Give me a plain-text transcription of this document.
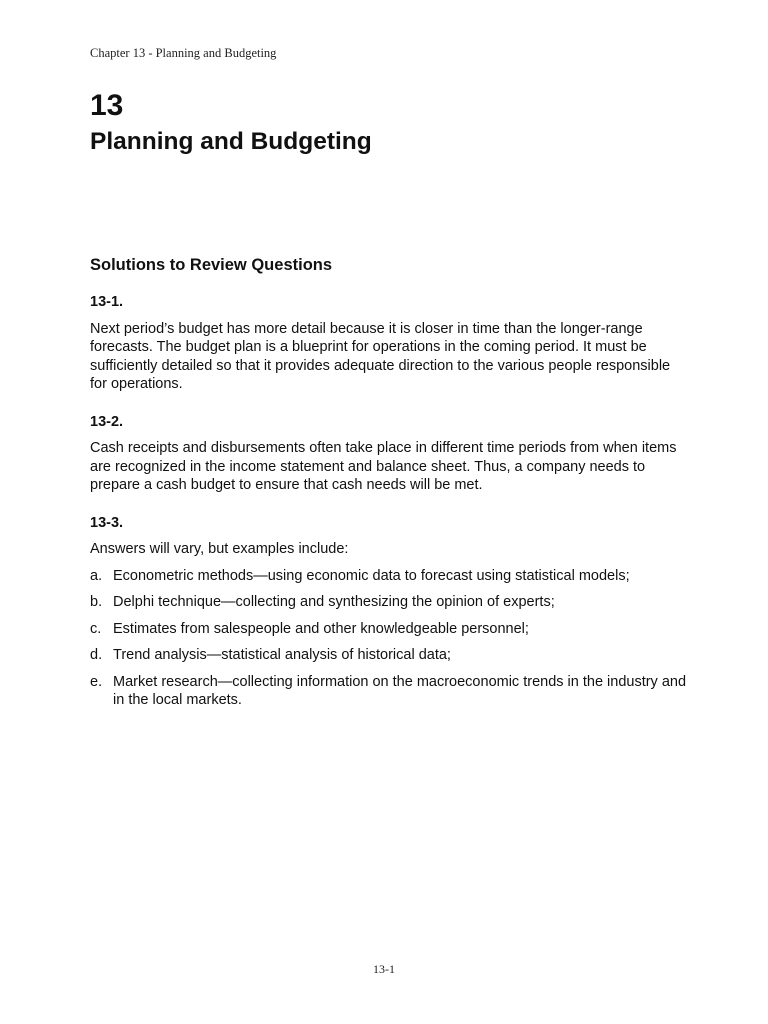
Chapter 13 - Planning and Budgeting
13
Planning and Budgeting
Solutions to Review Questions
13-1.
Next period’s budget has more detail because it is closer in time than the longer-range forecasts. The budget plan is a blueprint for operations in the coming period. It must be sufficiently detailed so that it provides adequate direction to the various people responsible for operations.
13-2.
Cash receipts and disbursements often take place in different time periods from when items are recognized in the income statement and balance sheet. Thus, a company needs to prepare a cash budget to ensure that cash needs will be met.
13-3.
Answers will vary, but examples include:
a. Econometric methods—using economic data to forecast using statistical models;
b. Delphi technique—collecting and synthesizing the opinion of experts;
c. Estimates from salespeople and other knowledgeable personnel;
d. Trend analysis—statistical analysis of historical data;
e. Market research—collecting information on the macroeconomic trends in the industry and in the local markets.
13-1
